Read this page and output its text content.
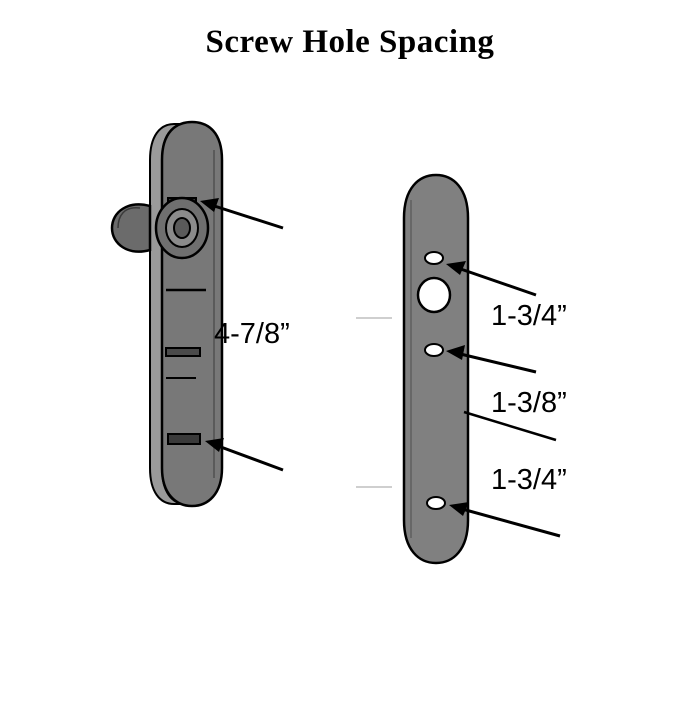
Screw Hole Spacing
4-7/8”
1-3/4”
1-3/8”
1-3/4”
